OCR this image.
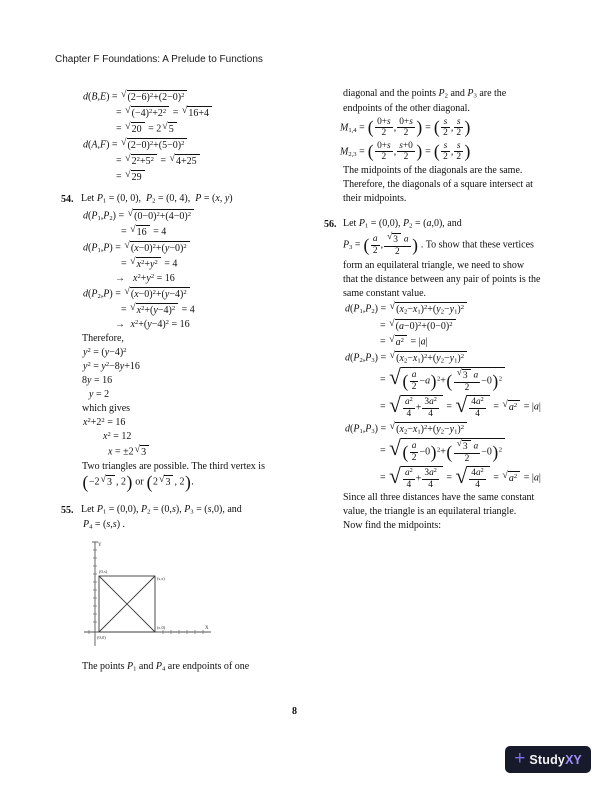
Chapter F Foundations: A Prelude to Functions
d(B,E) = √ $(2-6)^2+(2-0)^2$
= √ $(-4)^2+2^2$ = √ 16+4
= √ 20 = 2 √ 5
d(A,F) = √ $(2-0)^2+(5-0)^2$
= √ $2^2+5^2$ = √ 4+25
= √ 29
54. Let $P_1 = (0$, 0),  $P_2 = (0$, 4),  P = (x, y)
$d(P_1,P_2)$ = √ $(0-0)^2+(4-0)^2$
= √ 16 = 4
$d(P_1,P)$ = √ $(x-0)^2+(y-0)^2$
= √ $x^2+y^2 = 4$
→ $x^2+y^2 = 16$
$d(P_2,P)$ = √ $(x-0)^2+(y-4)^2$
= √ $x^2+(y-4)^2 = 4$
→ $x^2+(y-4)^2 = 16$
Therefore,
$y^2 = (y-4)^2$
$y^2 = y^2-8y+16$
8y = 16
y = 2
which gives
$x^2+2^2 = 16$
$x^2 = 12$
x = ±2 √ 3
Two triangles are possible. The third vertex is
(−2 √ 3 , 2) or (2 √ 3 , 2).
55. Let $P_1 = (0,0)$, $P_2 = (0,s)$, $P_3 = (s,0)$, and
$P_4 = (s,s)$ .
Y
X
(0,s)
(s,s)
(s,0)
(0,0)
The points $P_1$ and $P_4$ are endpoints of one
diagonal and the points $P_2$ and $P_3$ are the
endpoints of the other diagonal.
$M_{1,4}$ = ( $\frac{0+s}{2}$ , $\frac{0+s}{2}$ ) = ( $\frac{s}{2}$ , $\frac{s}{2}$ )
$M_{2,3}$ = ( $\frac{0+s}{2}$ , $\frac{s+0}{2}$ ) = ( $\frac{s}{2}$ , $\frac{s}{2}$ )
The midpoints of the diagonals are the same.
Therefore, the diagonals of a square intersect at
their midpoints.
56. Let $P_1 = (0,0)$, $P_2 = (a,0)$, and
$P_3$ = ( $\frac{a}{2}$ , $\frac{√ 3 a}{2}$ ) . To show that these vertices
form an equilateral triangle, we need to show
that the distance between any pair of points is the
same constant value.
$d(P_1,P_2)$ = √ $(x_2-x_1)^2+(y_2-y_1)^2$
= √ $(a-0)^2+(0-0)^2$
= √ $a^2 = |a|$
$d(P_2,P_3)$ = √ $(x_2-x_1)^2+(y_2-y_1)^2$
= √ ( $\frac{a}{2} -a)^2+( \frac{√ 3 a}{2} -0)^2$
= √ $\frac{a^2}{4} + \frac{3a^2}{4}$ = √ $\frac{4a^2}{4}$ = √ $a^2 = |a|$
$d(P_1,P_3)$ = √ $(x_2-x_1)^2+(y_2-y_1)^2$
= √ ( $\frac{a}{2} -0)^2+( \frac{√ 3 a}{2} -0)^2$
= √ $\frac{a^2}{4} + \frac{3a^2}{4}$ = √ $\frac{4a^2}{4}$ = √ $a^2 = |a|$
Since all three distances have the same constant
value, the triangle is an equilateral triangle.
Now find the midpoints:
8
+ StudyXY
